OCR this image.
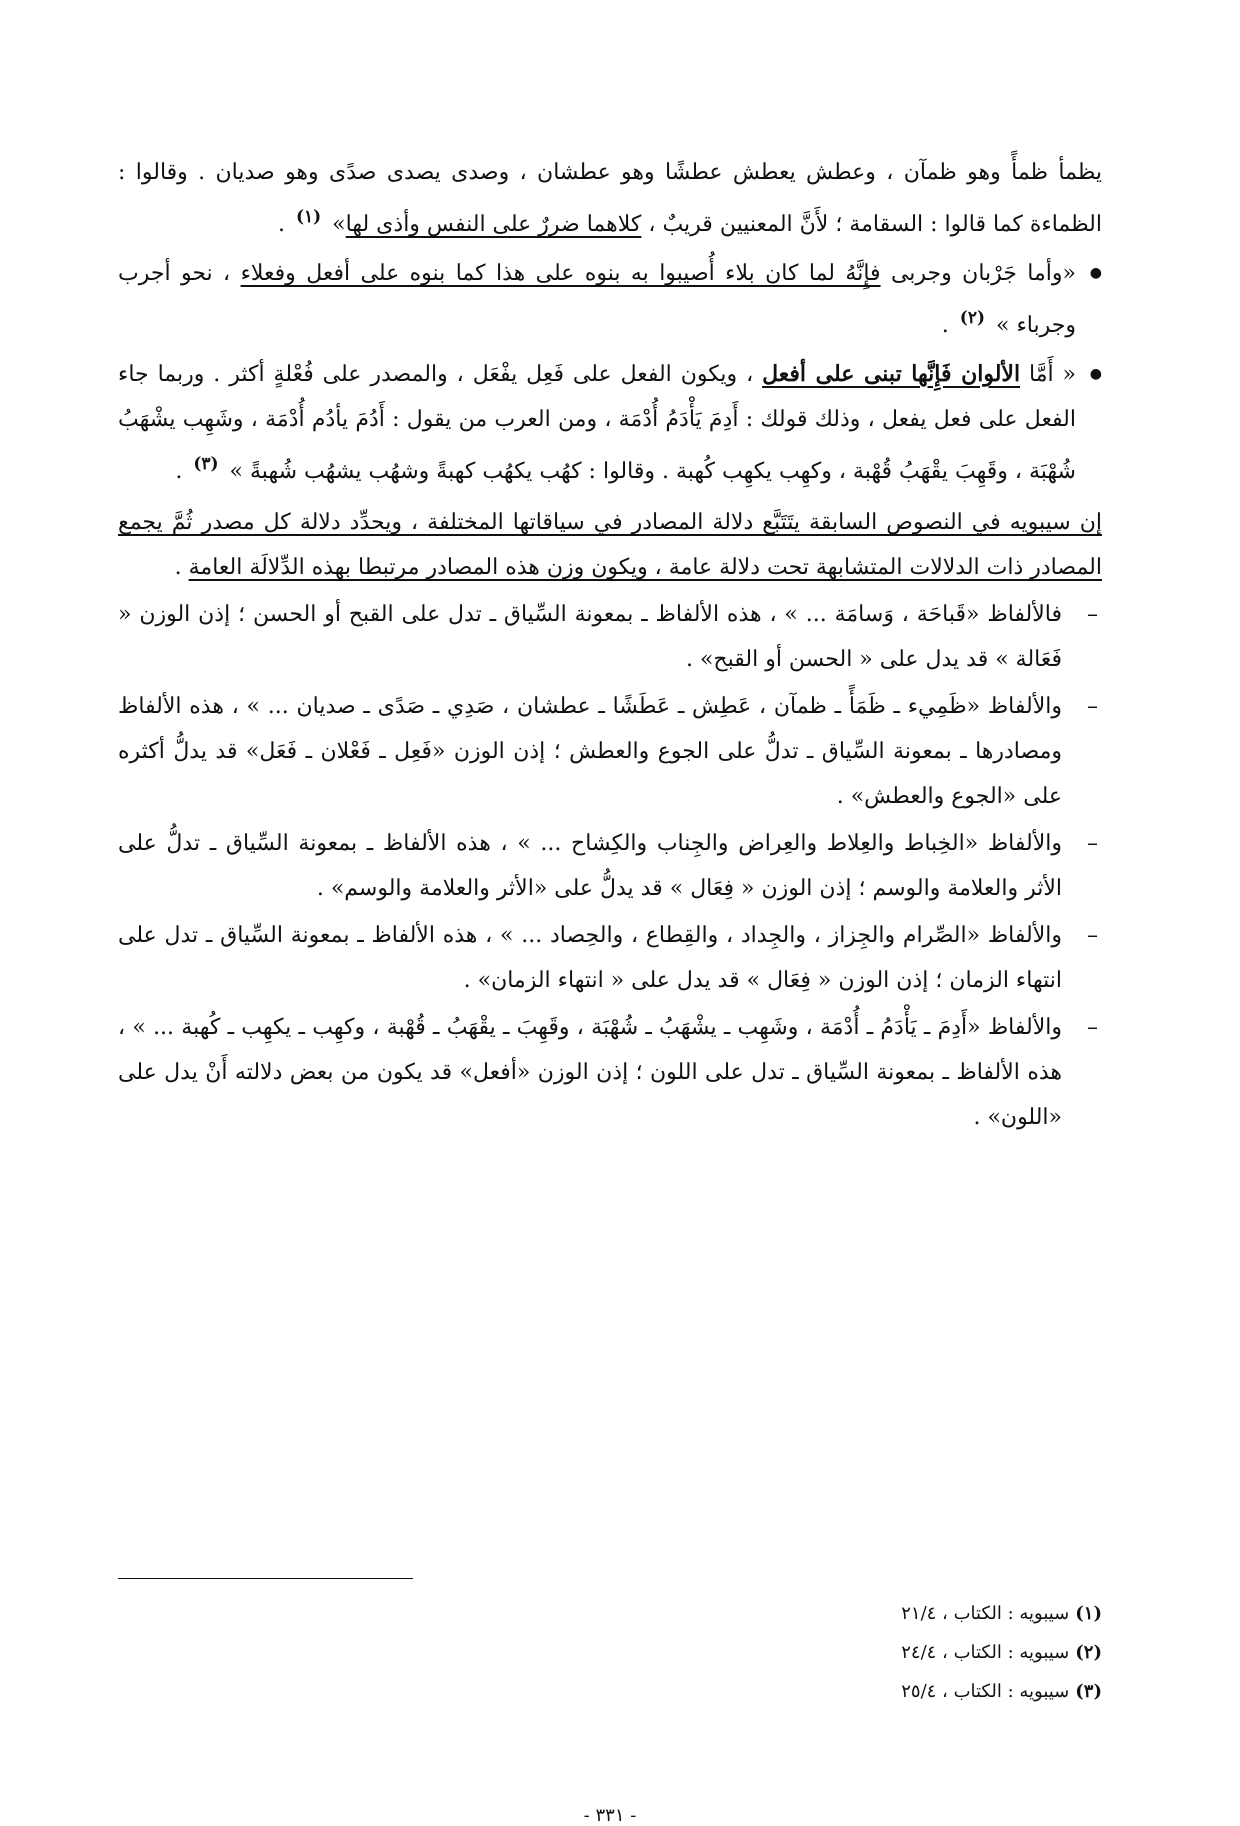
يظمأ ظمأً وهو ظمآن ، وعطش يعطش عطشًا وهو عطشان ، وصدى يصدى صدًى وهو صديان . وقالوا : الظماءة كما قالوا : السقامة ؛ لأَنَّ المعنيين قريبٌ ، كلاهما ضررٌ على النفس وأذى لها» $^{(١)}$ .

● «وأما جَرْبان وجربى فإِنَّهُ لما كان بلاء أُصيبوا به بنوه على هذا كما بنوه على أفعل وفعلاء ، نحو أجرب وجرباء » $^{(٢)}$ .

● « أَمَّا الألوان فَإِنَّها تبنى على أفعل ، ويكون الفعل على فَعِل يفْعَل ، والمصدر على فُعْلةٍ أكثر . وربما جاء الفعل على فعل يفعل ، وذلك قولك : أَدِمَ يَأْدَمُ أُدْمَة ، ومن العرب من يقول : أَدُمَ يأدُم أُدْمَة ، وشَهِب يشْهَبُ شُهْبَة ، وقَهِبَ يقْهَبُ قُهْبة ، وكهِب يكهِب كُهبة . وقالوا : كهُب يكهُب كهبةً وشهُب يشهُب شُهبةً » $^{(٣)}$ .

إن سيبويه في النصوص السابقة يتَتَبَّع دلالة المصادر في سياقاتها المختلفة ، ويحدِّد دلالة كل مصدر ثُمَّ يجمع المصادر ذات الدلالات المتشابهة تحت دلالة عامة ، ويكون وزن هذه المصادر مرتبطا بهذه الدِّلالَة العامة .

– فالألفاظ «قَباحَة ، وَسامَة ... » ، هذه الألفاظ ـ بمعونة السِّياق ـ تدل على القبح أو الحسن ؛ إذن الوزن « فَعَالة » قد يدل على « الحسن أو القبح» .

– والألفاظ «ظَمِيء ـ ظَمَأً ـ ظمآن ، عَطِش ـ عَطَشًا ـ عطشان ، صَدِي ـ صَدًى ـ صديان ... » ، هذه الألفاظ ومصادرها ـ بمعونة السِّياق ـ تدلُّ على الجوع والعطش ؛ إذن الوزن «فَعِل ـ فَعْلان ـ فَعَل» قد يدلُّ أكثره على «الجوع والعطش» .

– والألفاظ «الخِباط والعِلاط والعِراض والجِناب والكِشاح ... » ، هذه الألفاظ ـ بمعونة السِّياق ـ تدلُّ على الأثر والعلامة والوسم ؛ إذن الوزن « فِعَال » قد يدلُّ على «الأثر والعلامة والوسم» .

– والألفاظ «الصِّرام والجِزاز ، والجِداد ، والقِطاع ، والحِصاد ... » ، هذه الألفاظ ـ بمعونة السِّياق ـ تدل على انتهاء الزمان ؛ إذن الوزن « فِعَال » قد يدل على « انتهاء الزمان» .

– والألفاظ «أَدِمَ ـ يَأْدَمُ ـ أُدْمَة ، وشَهِب ـ يشْهَبُ ـ شُهْبَة ، وقَهِبَ ـ يقْهَبُ ـ قُهْبة ، وكهِب ـ يكهِب ـ كُهبة ... » ، هذه الألفاظ ـ بمعونة السِّياق ـ تدل على اللون ؛ إذن الوزن «أفعل» قد يكون من بعض دلالته أَنْ يدل على «اللون» .

(١)سيبويه : الكتاب ، ٢١/٤
(٢)سيبويه : الكتاب ، ٢٤/٤
(٣)سيبويه : الكتاب ، ٢٥/٤
- ٣٣١ -
